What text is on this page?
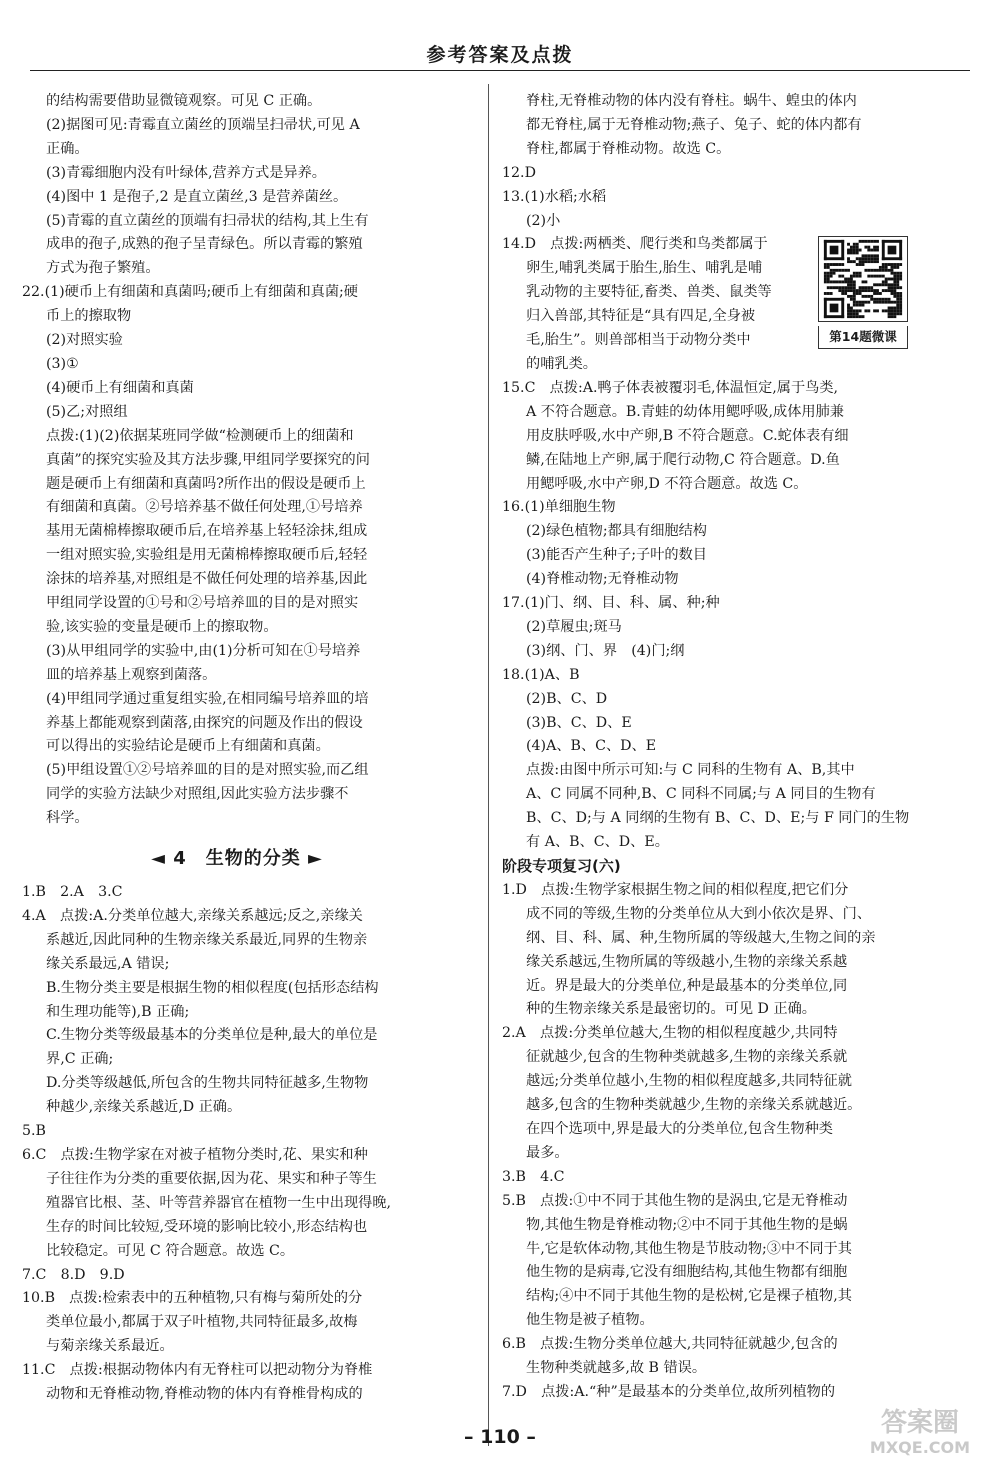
参考答案及点拨
的结构需要借助显微镜观察。可见 C 正确。
(2)据图可见:青霉直立菌丝的顶端呈扫帚状,可见 A
正确。
(3)青霉细胞内没有叶绿体,营养方式是异养。
(4)图中 1 是孢子,2 是直立菌丝,3 是营养菌丝。
(5)青霉的直立菌丝的顶端有扫帚状的结构,其上生有
成串的孢子,成熟的孢子呈青绿色。所以青霉的繁殖
方式为孢子繁殖。
22.(1)硬币上有细菌和真菌吗;硬币上有细菌和真菌;硬
币上的擦取物
(2)对照实验
(3)①
(4)硬币上有细菌和真菌
(5)乙;对照组
点拨:(1)(2)依据某班同学做“检测硬币上的细菌和
真菌”的探究实验及其方法步骤,甲组同学要探究的问
题是硬币上有细菌和真菌吗?所作出的假设是硬币上
有细菌和真菌。②号培养基不做任何处理,①号培养
基用无菌棉棒擦取硬币后,在培养基上轻轻涂抹,组成
一组对照实验,实验组是用无菌棉棒擦取硬币后,轻轻
涂抹的培养基,对照组是不做任何处理的培养基,因此
甲组同学设置的①号和②号培养皿的目的是对照实
验,该实验的变量是硬币上的擦取物。
(3)从甲组同学的实验中,由(1)分析可知在①号培养
皿的培养基上观察到菌落。
(4)甲组同学通过重复组实验,在相同编号培养皿的培
养基上都能观察到菌落,由探究的问题及作出的假设
可以得出的实验结论是硬币上有细菌和真菌。
(5)甲组设置①②号培养皿的目的是对照实验,而乙组
同学的实验方法缺少对照组,因此实验方法步骤不
科学。
◄ 4　生物的分类 ►
1.B　2.A　3.C
4.A　点拨:A.分类单位越大,亲缘关系越远;反之,亲缘关
系越近,因此同种的生物亲缘关系最近,同界的生物亲
缘关系最远,A 错误;
B.生物分类主要是根据生物的相似程度(包括形态结构
和生理功能等),B 正确;
C.生物分类等级最基本的分类单位是种,最大的单位是
界,C 正确;
D.分类等级越低,所包含的生物共同特征越多,生物物
种越少,亲缘关系越近,D 正确。
5.B
6.C　点拨:生物学家在对被子植物分类时,花、果实和种
子往往作为分类的重要依据,因为花、果实和种子等生
殖器官比根、茎、叶等营养器官在植物一生中出现得晚,
生存的时间比较短,受环境的影响比较小,形态结构也
比较稳定。可见 C 符合题意。故选 C。
7.C　8.D　9.D
10.B　点拨:检索表中的五种植物,只有梅与菊所处的分
类单位最小,都属于双子叶植物,共同特征最多,故梅
与菊亲缘关系最近。
11.C　点拨:根据动物体内有无脊柱可以把动物分为脊椎
动物和无脊椎动物,脊椎动物的体内有脊椎骨构成的
脊柱,无脊椎动物的体内没有脊柱。蜗牛、蝗虫的体内
都无脊柱,属于无脊椎动物;燕子、兔子、蛇的体内都有
脊柱,都属于脊椎动物。故选 C。
12.D
13.(1)水稻;水稻
(2)小
14.D　点拨:两栖类、爬行类和鸟类都属于
卵生,哺乳类属于胎生,胎生、哺乳是哺
乳动物的主要特征,畜类、兽类、鼠类等
归入兽部,其特征是“具有四足,全身被
毛,胎生”。则兽部相当于动物分类中
的哺乳类。
15.C　点拨:A.鸭子体表被覆羽毛,体温恒定,属于鸟类,
A 不符合题意。B.青蛙的幼体用鳃呼吸,成体用肺兼
用皮肤呼吸,水中产卵,B 不符合题意。C.蛇体表有细
鳞,在陆地上产卵,属于爬行动物,C 符合题意。D.鱼
用鳃呼吸,水中产卵,D 不符合题意。故选 C。
16.(1)单细胞生物
(2)绿色植物;都具有细胞结构
(3)能否产生种子;子叶的数目
(4)脊椎动物;无脊椎动物
17.(1)门、纲、目、科、属、种;种
(2)草履虫;斑马
(3)纲、门、界　(4)门;纲
18.(1)A、B
(2)B、C、D
(3)B、C、D、E
(4)A、B、C、D、E
点拨:由图中所示可知:与 C 同科的生物有 A、B,其中
A、C 同属不同种,B、C 同科不同属;与 A 同目的生物有
B、C、D;与 A 同纲的生物有 B、C、D、E;与 F 同门的生物
有 A、B、C、D、E。
阶段专项复习(六)
1.D　点拨:生物学家根据生物之间的相似程度,把它们分
成不同的等级,生物的分类单位从大到小依次是界、门、
纲、目、科、属、种,生物所属的等级越大,生物之间的亲
缘关系越远,生物所属的等级越小,生物的亲缘关系越
近。界是最大的分类单位,种是最基本的分类单位,同
种的生物亲缘关系是最密切的。可见 D 正确。
2.A　点拨:分类单位越大,生物的相似程度越少,共同特
征就越少,包含的生物种类就越多,生物的亲缘关系就
越远;分类单位越小,生物的相似程度越多,共同特征就
越多,包含的生物种类就越少,生物的亲缘关系就越近。
在四个选项中,界是最大的分类单位,包含生物种类
最多。
3.B　4.C
5.B　点拨:①中不同于其他生物的是涡虫,它是无脊椎动
物,其他生物是脊椎动物;②中不同于其他生物的是蜗
牛,它是软体动物,其他生物是节肢动物;③中不同于其
他生物的是病毒,它没有细胞结构,其他生物都有细胞
结构;④中不同于其他生物的是松树,它是裸子植物,其
他生物是被子植物。
6.B　点拨:生物分类单位越大,共同特征就越少,包含的
生物种类就越多,故 B 错误。
7.D　点拨:A.“种”是最基本的分类单位,故所列植物的
第14题微课
– 110 –	答案圈
MXQE.COM
